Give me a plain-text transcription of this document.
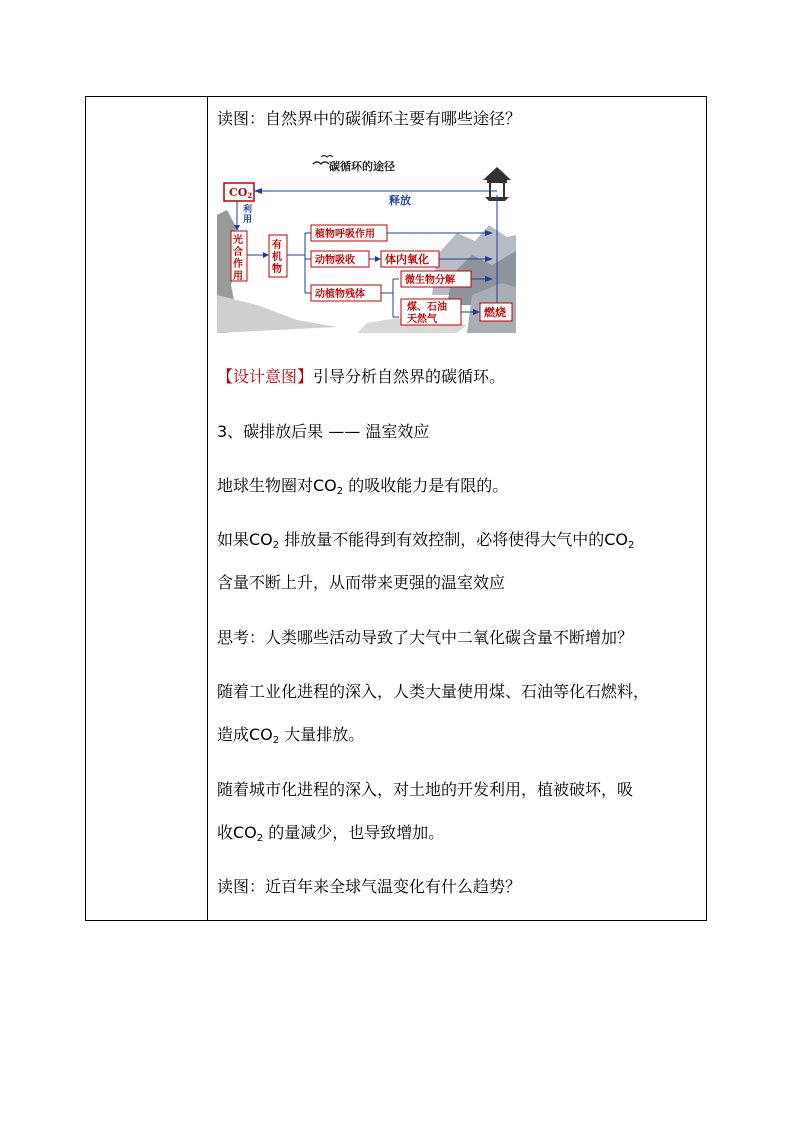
读图：自然界中的碳循环主要有哪些途径？
碳循环的途径
释放
CO2
利用
光合作用
有机物
植物呼吸作用
动物吸收	体内氧化
动植物残体
微生物分解
煤、石油 天然气
燃烧
【设计意图】引导分析自然界的碳循环。
3、碳排放后果 —— 温室效应
地球生物圈对$CO_2$ 的吸收能力是有限的。
如果$CO_2$ 排放量不能得到有效控制，必将使得大气中的$CO_2$
含量不断上升，从而带来更强的温室效应
思考：人类哪些活动导致了大气中二氧化碳含量不断增加？
随着工业化进程的深入，人类大量使用煤、石油等化石燃料，
造成$CO_2$ 大量排放。
随着城市化进程的深入，对土地的开发利用，植被破坏，吸
收$CO_2$ 的量减少，也导致增加。
读图：近百年来全球气温变化有什么趋势？
